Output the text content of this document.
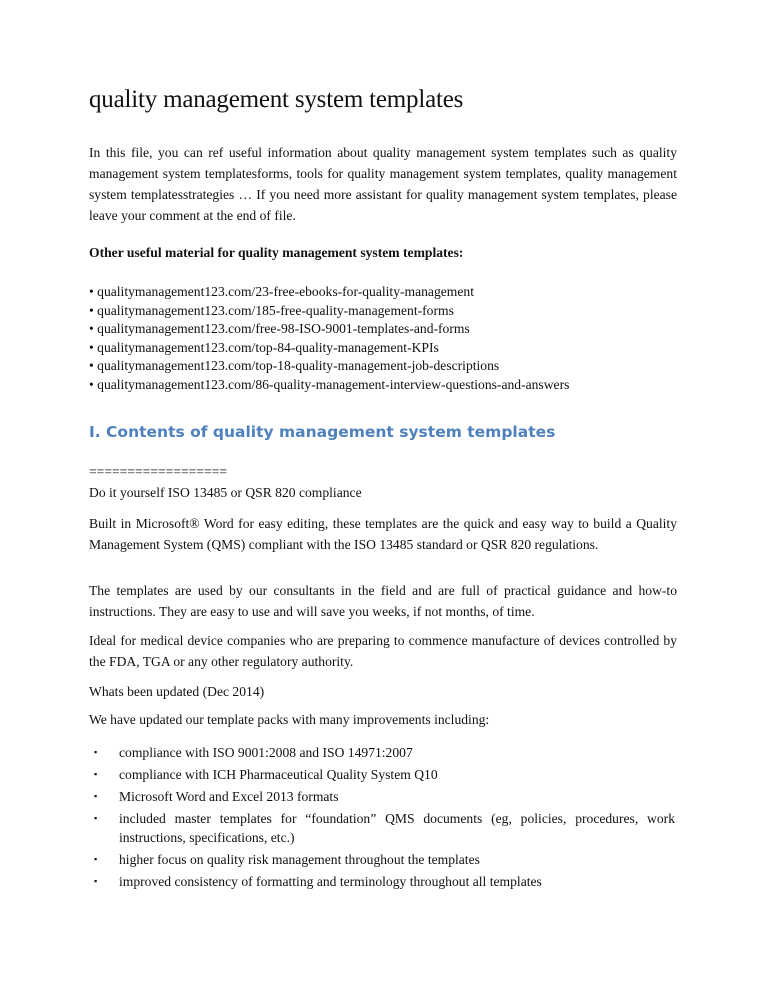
quality management system templates

In this file, you can ref useful information about quality management system templates such as quality management system templatesforms, tools for quality management system templates, quality management system templatesstrategies … If you need more assistant for quality management system templates, please leave your comment at the end of file.

Other useful material for quality management system templates:
• qualitymanagement123.com/23-free-ebooks-for-quality-management
• qualitymanagement123.com/185-free-quality-management-forms
• qualitymanagement123.com/free-98-ISO-9001-templates-and-forms
• qualitymanagement123.com/top-84-quality-management-KPIs
• qualitymanagement123.com/top-18-quality-management-job-descriptions
• qualitymanagement123.com/86-quality-management-interview-questions-and-answers
I. Contents of quality management system templates

==================

Do it yourself ISO 13485 or QSR 820 compliance

Built in Microsoft® Word for easy editing, these templates are the quick and easy way to build a Quality Management System (QMS) compliant with the ISO 13485 standard or QSR 820 regulations.

The templates are used by our consultants in the field and are full of practical guidance and how-to instructions. They are easy to use and will save you weeks, if not months, of time.

Ideal for medical device companies who are preparing to commence manufacture of devices controlled by the FDA, TGA or any other regulatory authority.

Whats been updated (Dec 2014)

We have updated our template packs with many improvements including:

▪ compliance with ISO 9001:2008 and ISO 14971:2007
▪ compliance with ICH Pharmaceutical Quality System Q10
▪ Microsoft Word and Excel 2013 formats
▪ included master templates for “foundation” QMS documents (eg, policies, procedures, work instructions, specifications, etc.)
▪ higher focus on quality risk management throughout the templates
▪ improved consistency of formatting and terminology throughout all templates
